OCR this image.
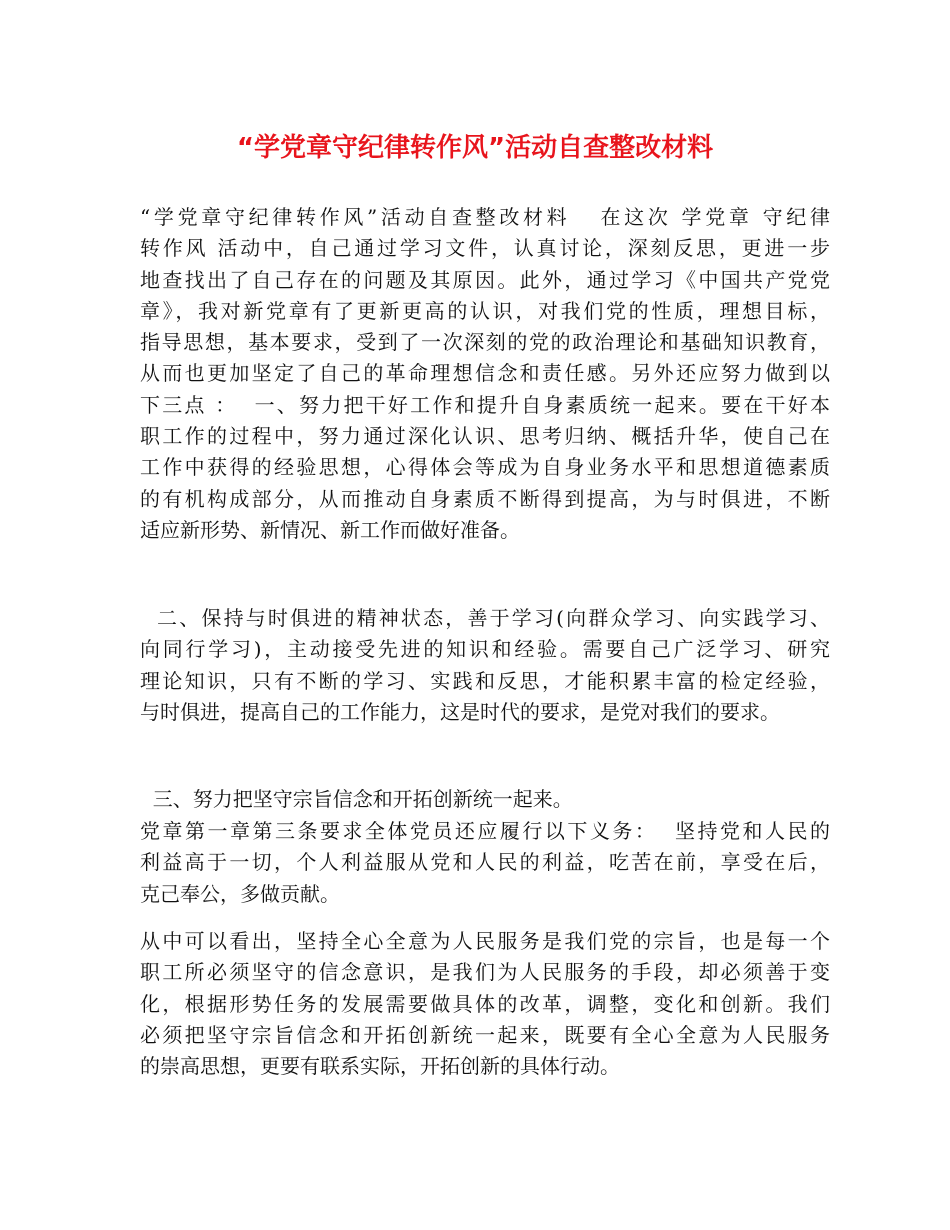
“学党章守纪律转作风”活动自查整改材料
“学党章守纪律转作风”活动自查整改材料   在这次 学党章 守纪律
转作风 活动中，自己通过学习文件，认真讨论，深刻反思，更进一步
地查找出了自己存在的问题及其原因。此外，通过学习《中国共产党党
章》，我对新党章有了更新更高的认识，对我们党的性质，理想目标，
指导思想，基本要求，受到了一次深刻的党的政治理论和基础知识教育，
从而也更加坚定了自己的革命理想信念和责任感。另外还应努力做到以
下三点 ：  一、努力把干好工作和提升自身素质统一起来。要在干好本
职工作的过程中，努力通过深化认识、思考归纳、概括升华，使自己在
工作中获得的经验思想，心得体会等成为自身业务水平和思想道德素质
的有机构成部分，从而推动自身素质不断得到提高，为与时俱进，不断
适应新形势、新情况、新工作而做好准备。
二、保持与时俱进的精神状态，善于学习(向群众学习、向实践学习、
向同行学习)，主动接受先进的知识和经验。需要自己广泛学习、研究
理论知识，只有不断的学习、实践和反思，才能积累丰富的检定经验，
与时俱进，提高自己的工作能力，这是时代的要求，是党对我们的要求。
三、努力把坚守宗旨信念和开拓创新统一起来。
党章第一章第三条要求全体党员还应履行以下义务：  坚持党和人民的
利益高于一切，个人利益服从党和人民的利益，吃苦在前，享受在后，
克己奉公，多做贡献。
从中可以看出，坚持全心全意为人民服务是我们党的宗旨，也是每一个
职工所必须坚守的信念意识，是我们为人民服务的手段，却必须善于变
化，根据形势任务的发展需要做具体的改革，调整，变化和创新。我们
必须把坚守宗旨信念和开拓创新统一起来，既要有全心全意为人民服务
的崇高思想，更要有联系实际，开拓创新的具体行动。
